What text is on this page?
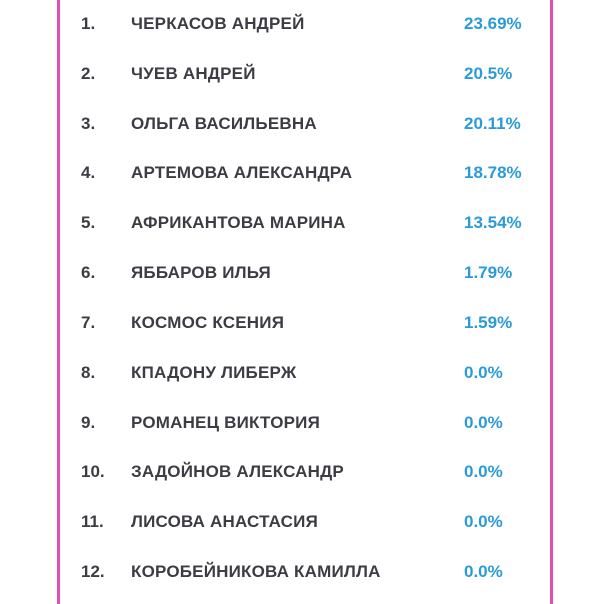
1. ЧЕРКАСОВ АНДРЕЙ	23.69%
2. ЧУЕВ АНДРЕЙ	20.5%
3. ОЛЬГА ВАСИЛЬЕВНА	20.11%
4. АРТЕМОВА АЛЕКСАНДРА	18.78%
5. АФРИКАНТОВА МАРИНА	13.54%
6. ЯББАРОВ ИЛЬЯ	1.79%
7. КОСМОС КСЕНИЯ	1.59%
8. КПАДОНУ ЛИБЕРЖ	0.0%
9. РОМАНЕЦ ВИКТОРИЯ	0.0%
10. ЗАДОЙНОВ АЛЕКСАНДР	0.0%
11. ЛИСОВА АНАСТАСИЯ	0.0%
12. КОРОБЕЙНИКОВА КАМИЛЛА	0.0%
